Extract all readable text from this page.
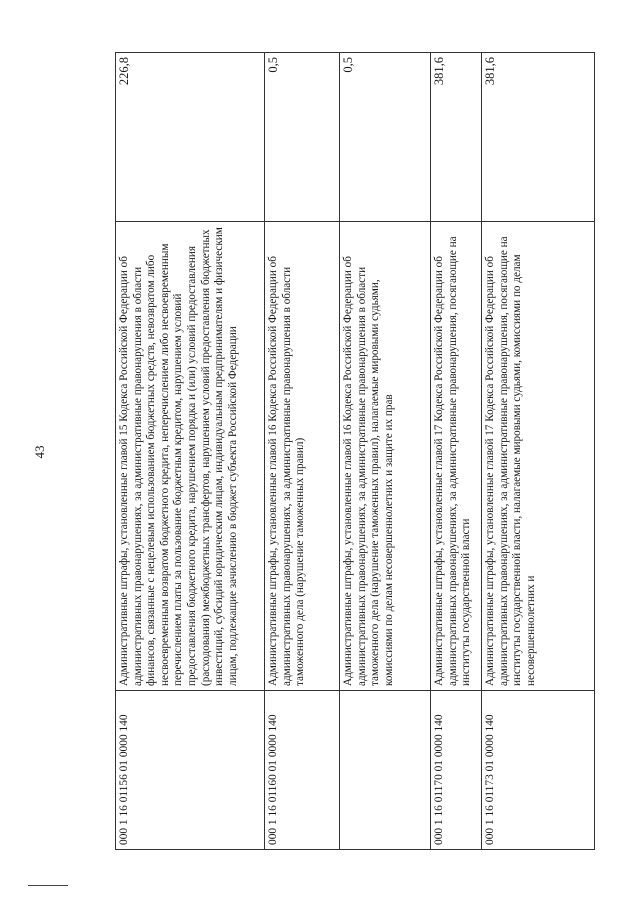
43
000 1 16 01156 01 0000 140	Административные штрафы, установленные главой 15 Кодекса Российской Федерации об административных правонарушениях, за административные правонарушения в области финансов, связанные с нецелевым использованием бюджетных средств, невозвратом либо несвоевременным возвратом бюджетного кредита, неперечислением либо несвоевременным перечислением платы за пользование бюджетным кредитом, нарушением условий предоставления бюджетного кредита, нарушением порядка и (или) условий предоставления (расходования) межбюджетных трансфертов, нарушением условий предоставления бюджетных инвестиций, субсидий юридическим лицам, индивидуальным предпринимателям и физическим лицам, подлежащие зачислению в бюджет субъекта Российской Федерации	226,8
000 1 16 01160 01 0000 140	Административные штрафы, установленные главой 16 Кодекса Российской Федерации об административных правонарушениях, за административные правонарушения в области таможенного дела (нарушение таможенных правил)	0,5
	Административные штрафы, установленные главой 16 Кодекса Российской Федерации об административных правонарушениях, за административные правонарушения в области таможенного дела (нарушение таможенных правил), налагаемые мировыми судьями, комиссиями по делам несовершеннолетних и защите их прав	0,5
000 1 16 01170 01 0000 140	Административные штрафы, установленные главой 17 Кодекса Российской Федерации об административных правонарушениях, за административные правонарушения, посягающие на институты государственной власти	381,6
000 1 16 01173 01 0000 140	Административные штрафы, установленные главой 17 Кодекса Российской Федерации об административных правонарушениях, за административные правонарушения, посягающие на институты государственной власти, налагаемые мировыми судьями, комиссиями по делам несовершеннолетних и	381,6
